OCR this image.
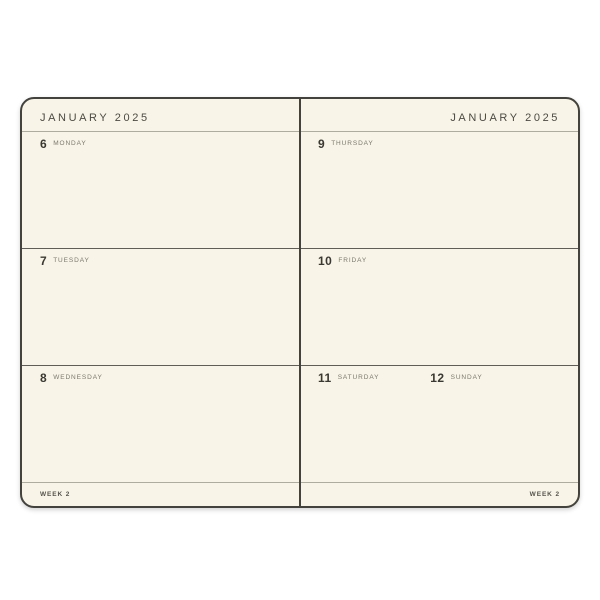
JANUARY 2025
6 MONDAY
7 TUESDAY
8 WEDNESDAY
WEEK 2
JANUARY 2025
9 THURSDAY
10 FRIDAY
11 SATURDAY	12 SUNDAY
WEEK 2
